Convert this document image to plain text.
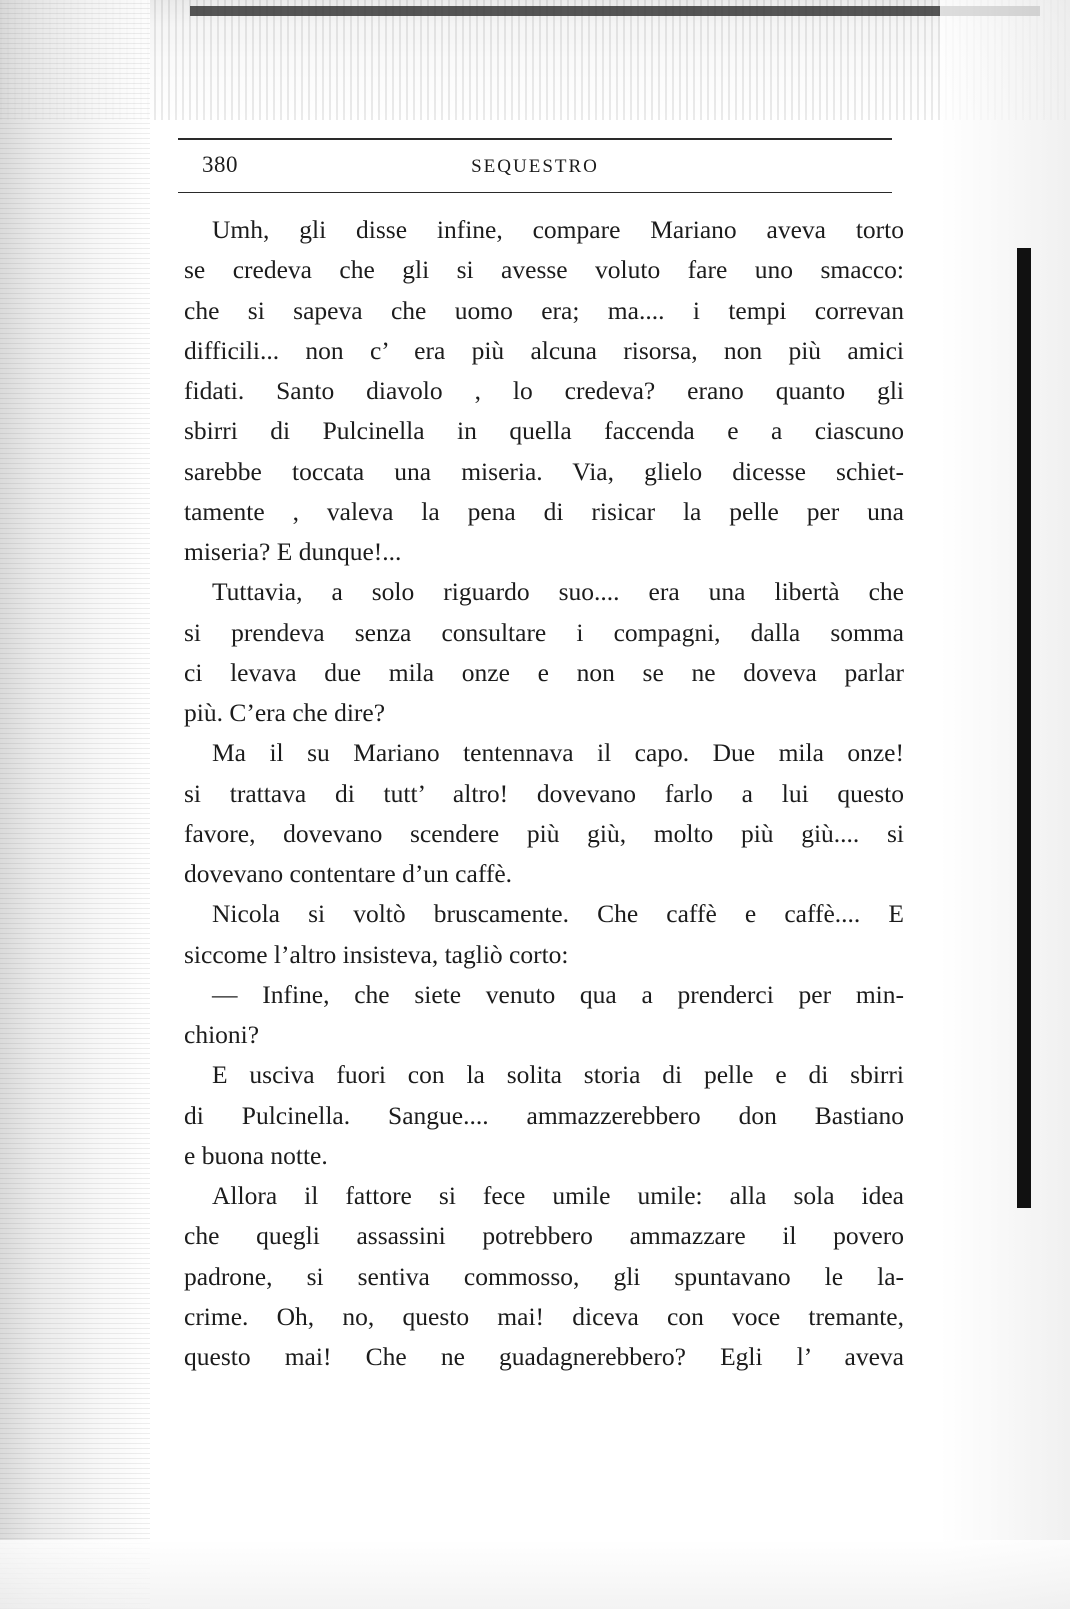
380	SEQUESTRO
Umh, gli disse infine, compare Mariano aveva torto
se credeva che gli si avesse voluto fare uno smacco:
che si sapeva che uomo era; ma.... i tempi correvan
difficili... non c’ era più alcuna risorsa, non più amici
fidati. Santo diavolo , lo credeva? erano quanto gli
sbirri di Pulcinella in quella faccenda e a ciascuno
sarebbe toccata una miseria. Via, glielo dicesse schiet-
tamente , valeva la pena di risicar la pelle per una
miseria? E dunque!...
Tuttavia, a solo riguardo suo.... era una libertà che
si prendeva senza consultare i compagni, dalla somma
ci levava due mila onze e non se ne doveva parlar
più. C’era che dire?
Ma il su Mariano tentennava il capo. Due mila onze!
si trattava di tutt’ altro! dovevano farlo a lui questo
favore, dovevano scendere più giù, molto più giù.... si
dovevano contentare d’un caffè.
Nicola si voltò bruscamente. Che caffè e caffè.... E
siccome l’altro insisteva, tagliò corto:
— Infine, che siete venuto qua a prenderci per min-
chioni?
E usciva fuori con la solita storia di pelle e di sbirri
di Pulcinella. Sangue.... ammazzerebbero don Bastiano
e buona notte.
Allora il fattore si fece umile umile: alla sola idea
che quegli assassini potrebbero ammazzare il povero
padrone, si sentiva commosso, gli spuntavano le la-
crime. Oh, no, questo mai! diceva con voce tremante,
questo mai! Che ne guadagnerebbero? Egli l’ aveva
